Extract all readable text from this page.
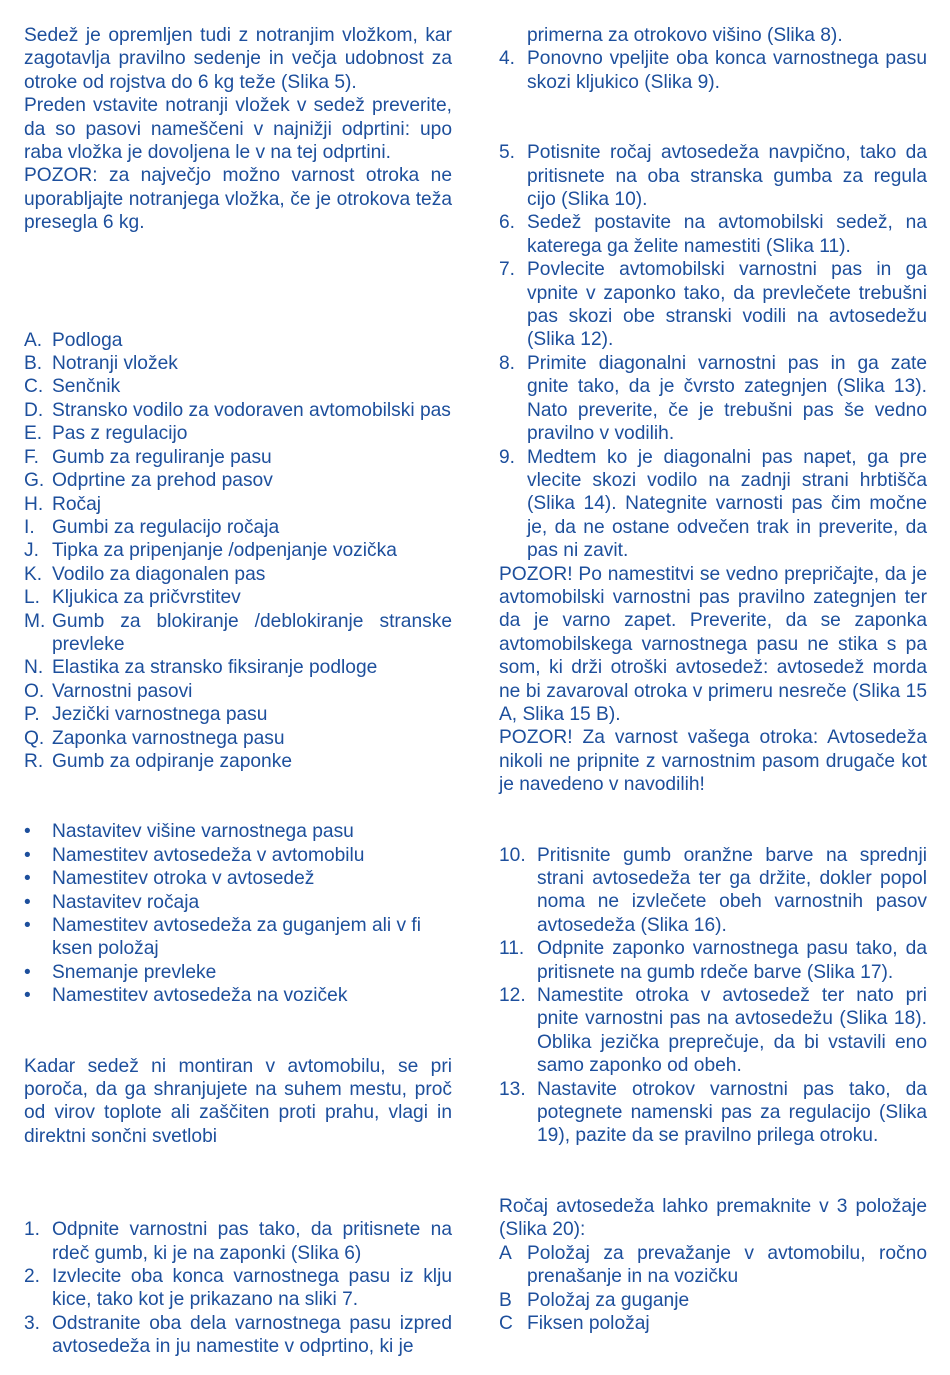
Sedež je opremljen tudi z notranjim vložkom, kar zagotavlja pravilno sedenje in večja udobnost za otroke od rojstva do 6 kg teže (Slika 5).

Preden vstavite notranji vložek v sedež preverite, da so pasovi nameščeni v najnižji odprtini: upo raba vložka je dovoljena le v na tej odprtini.

POZOR: za največjo možno varnost otroka ne uporabljajte notranjega vložka, če je otrokova teža presegla 6 kg.

A. Podloga
B. Notranji vložek
C. Senčnik
D. Stransko vodilo za vodoraven avtomobilski pas
E. Pas z regulacijo
F. Gumb za reguliranje pasu
G. Odprtine za prehod pasov
H. Ročaj
I. Gumbi za regulacijo ročaja
J. Tipka za pripenjanje /odpenjanje vozička
K. Vodilo za diagonalen pas
L. Kljukica za pričvrstitev
M. Gumb za blokiranje /deblokiranje stranske prevleke
N. Elastika za stransko fiksiranje podloge
O. Varnostni pasovi
P. Jezički varnostnega pasu
Q. Zaponka varnostnega pasu
R. Gumb za odpiranje zaponke
•	Nastavitev višine varnostnega pasu
•	Namestitev avtosedeža v avtomobilu
•	Namestitev otroka v avtosedež
•	Nastavitev ročaja
•	Namestitev avtosedeža za guganjem ali v fi ksen položaj
•	Snemanje prevleke
•	Namestitev avtosedeža na voziček

Kadar sedež ni montiran v avtomobilu, se pri poroča, da ga shranjujete na suhem mestu, proč od virov toplote ali zaščiten proti prahu, vlagi in direktni sončni svetlobi

1. Odpnite varnostni pas tako, da pritisnete na rdeč gumb, ki je na zaponki (Slika 6)
2. Izvlecite oba konca varnostnega pasu iz klju kice, tako kot je prikazano na sliki 7.
3. Odstranite oba dela varnostnega pasu izpred avtosedeža in ju namestite v odprtino, ki je
primerna za otrokovo višino (Slika 8).
4. Ponovno vpeljite oba konca varnostnega pasu skozi kljukico (Slika 9).
5. Potisnite ročaj avtosedeža navpično, tako da pritisnete na oba stranska gumba za regula cijo (Slika 10).
6. Sedež postavite na avtomobilski sedež, na katerega ga želite namestiti (Slika 11).
7. Povlecite avtomobilski varnostni pas in ga vpnite v zaponko tako, da prevlečete trebušni pas skozi obe stranski vodili na avtosedežu (Slika 12).
8. Primite diagonalni varnostni pas in ga zate gnite tako, da je čvrsto zategnjen (Slika 13). Nato preverite, če je trebušni pas še vedno pravilno v vodilih.
9. Medtem ko je diagonalni pas napet, ga pre vlecite skozi vodilo na zadnji strani hrbtišča (Slika 14). Nategnite varnosti pas čim močne je, da ne ostane odvečen trak in preverite, da pas ni zavit.

POZOR! Po namestitvi se vedno prepričajte, da je avtomobilski varnostni pas pravilno zategnjen ter da je varno zapet. Preverite, da se zaponka avtomobilskega varnostnega pasu ne stika s pa som, ki drži otroški avtosedež: avtosedež morda ne bi zavaroval otroka v primeru nesreče (Slika 15 A, Slika 15 B).

POZOR! Za varnost vašega otroka: Avtosedeža nikoli ne pripnite z varnostnim pasom drugače kot je navedeno v navodilih!

10. Pritisnite gumb oranžne barve na sprednji strani avtosedeža ter ga držite, dokler popol noma ne izvlečete obeh varnostnih pasov avtosedeža (Slika 16).
11. Odpnite zaponko varnostnega pasu tako, da pritisnete na gumb rdeče barve (Slika 17).
12. Namestite otroka v avtosedež ter nato pri pnite varnostni pas na avtosedežu (Slika 18). Oblika jezička preprečuje, da bi vstavili eno samo zaponko od obeh.
13. Nastavite otrokov varnostni pas tako, da potegnete namenski pas za regulacijo (Slika 19), pazite da se pravilno prilega otroku.

Ročaj avtosedeža lahko premaknite v 3 položaje (Slika 20):

A Položaj za prevažanje v avtomobilu, ročno prenašanje in na vozičku
B Položaj za guganje
C Fiksen položaj
